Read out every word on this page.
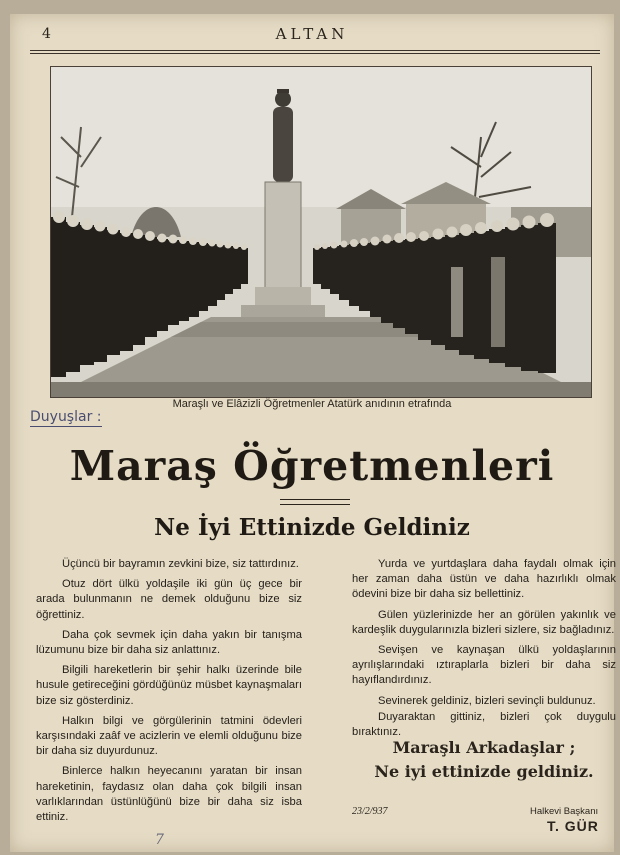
4	ALTAN
Maraşlı ve Elâzizli Öğretmenler Atatürk anıdının etrafında
Duyuşlar :
Maraş Öğretmenleri
Ne İyi Ettinizde Geldiniz

Üçüncü bir bayramın zevkini bize, siz tattırdınız.

Otuz dört ülkü yoldaşile iki gün üç gece bir arada bulunmanın ne demek olduğunu bize siz öğrettiniz.

Daha çok sevmek için daha yakın bir tanışma lüzumunu bize bir daha siz anlattınız.

Bilgili hareketlerin bir şehir halkı üzerinde bile husule getireceğini gördüğünüz müsbet kaynaşmaları bize siz gösterdiniz.

Halkın bilgi ve görgülerinin tatmini ödevleri karşısındaki zaâf ve acizlerin ve elemli olduğunu bize bir daha siz duyurdunuz.

Binlerce halkın heyecanını yaratan bir insan hareketinin, faydasız olan daha çok bilgili insan varlıklarından üstünlüğünü bize bir daha siz isba ettiniz.

Yurda ve yurtdaşlara daha faydalı olmak için her zaman daha üstün ve daha hazırlıklı olmak ödevini bize bir daha siz bellettiniz.

Gülen yüzlerinizde her an görülen yakınlık ve kardeşlik duygularınızla bizleri sizlere, siz bağladınız.

Sevişen ve kaynaşan ülkü yoldaşlarının ayrılışlarındaki ıztıraplarla bizleri bir daha siz hayıflandırdınız.

Sevinerek geldiniz, bizleri sevinçli buldunuz.

Duyaraktan gittiniz, bizleri çok duygulu bıraktınız.

Maraşlı Arkadaşlar ;
Ne iyi ettinizde geldiniz.
23/2/937	Halkevi Başkanı
T. GÜR
7
